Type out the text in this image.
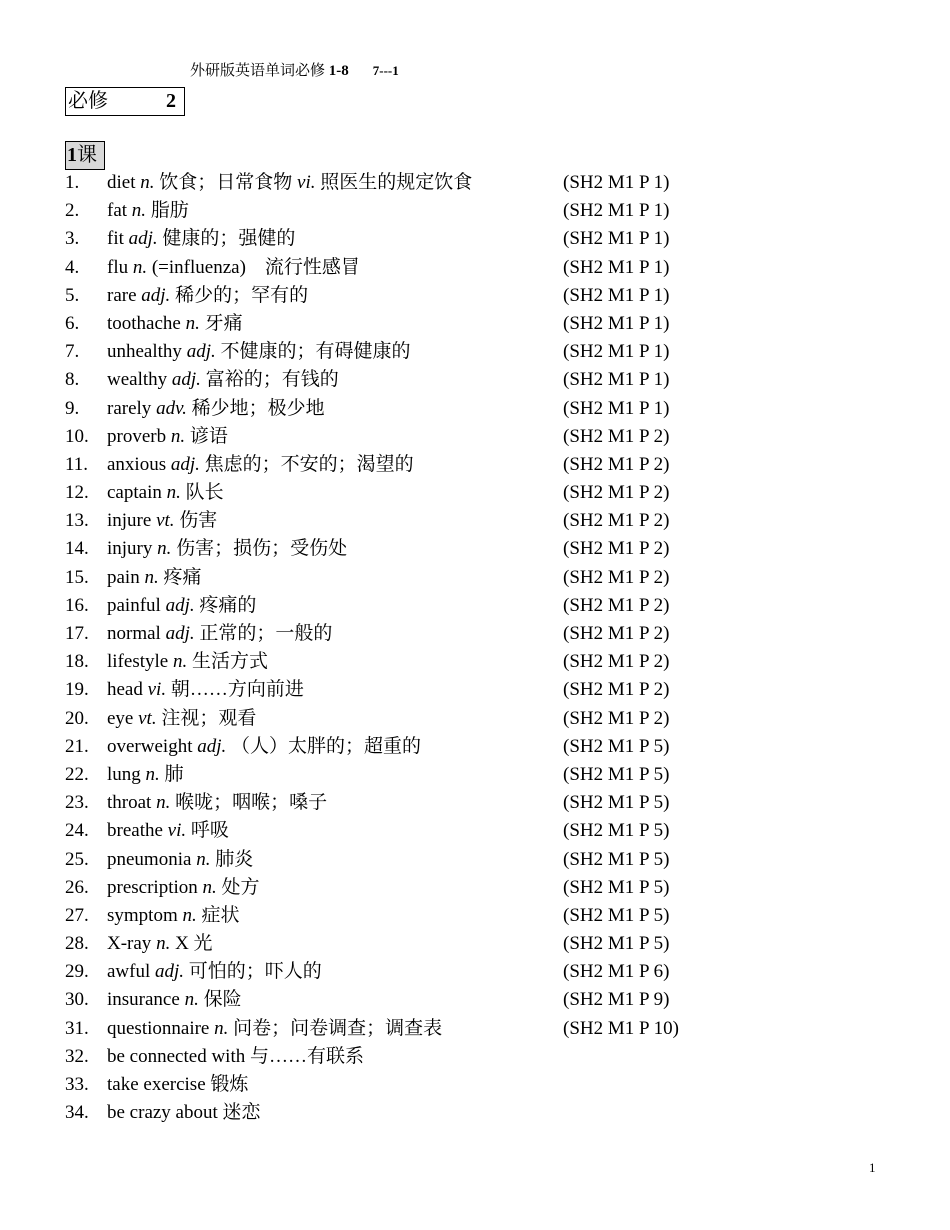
外研版英语单词必修 1-8 7---1
必修	2
1课
1. diet n. 饮食；日常食物 vi. 照医生的规定饮食	(SH2 M1 P 1)
2. fat n. 脂肪	(SH2 M1 P 1)
3. fit adj. 健康的；强健的	(SH2 M1 P 1)
4. flu n. (=influenza)　流行性感冒	(SH2 M1 P 1)
5. rare adj. 稀少的；罕有的	(SH2 M1 P 1)
6. toothache n. 牙痛	(SH2 M1 P 1)
7. unhealthy adj. 不健康的；有碍健康的	(SH2 M1 P 1)
8. wealthy adj. 富裕的；有钱的	(SH2 M1 P 1)
9. rarely adv. 稀少地；极少地	(SH2 M1 P 1)
10. proverb n. 谚语	(SH2 M1 P 2)
11. anxious adj. 焦虑的；不安的；渴望的	(SH2 M1 P 2)
12. captain n. 队长	(SH2 M1 P 2)
13. injure vt. 伤害	(SH2 M1 P 2)
14. injury n. 伤害；损伤；受伤处	(SH2 M1 P 2)
15. pain n. 疼痛	(SH2 M1 P 2)
16. painful adj. 疼痛的	(SH2 M1 P 2)
17. normal adj. 正常的；一般的	(SH2 M1 P 2)
18. lifestyle n. 生活方式	(SH2 M1 P 2)
19. head vi. 朝……方向前进	(SH2 M1 P 2)
20. eye vt. 注视；观看	(SH2 M1 P 2)
21. overweight adj. （人）太胖的；超重的	(SH2 M1 P 5)
22. lung n. 肺	(SH2 M1 P 5)
23. throat n. 喉咙；咽喉；嗓子	(SH2 M1 P 5)
24. breathe vi. 呼吸	(SH2 M1 P 5)
25. pneumonia n. 肺炎	(SH2 M1 P 5)
26. prescription n. 处方	(SH2 M1 P 5)
27. symptom n. 症状	(SH2 M1 P 5)
28. X-ray n. X 光	(SH2 M1 P 5)
29. awful adj. 可怕的；吓人的	(SH2 M1 P 6)
30. insurance n. 保险	(SH2 M1 P 9)
31. questionnaire n. 问卷；问卷调查；调查表	(SH2 M1 P 10)
32. be connected with 与……有联系
33. take exercise 锻炼
34. be crazy about 迷恋
1
